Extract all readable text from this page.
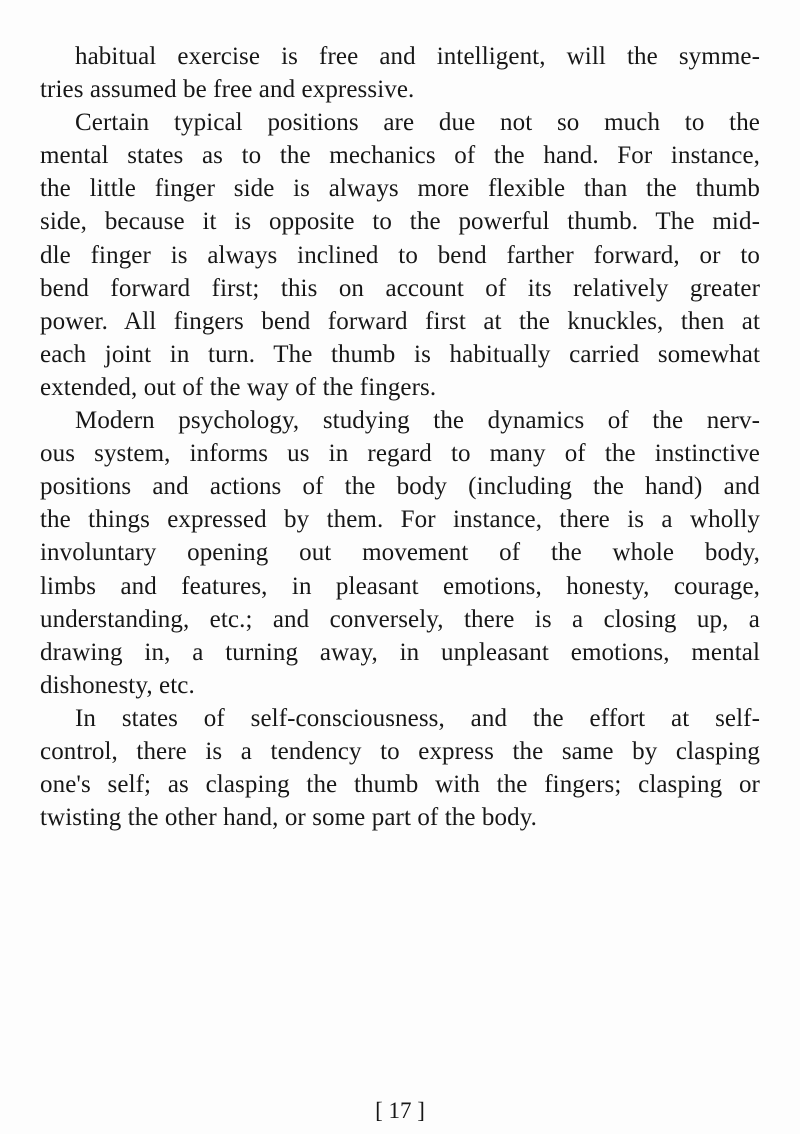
habitual exercise is free and intelligent, will the symme-
tries assumed be free and expressive.
Certain typical positions are due not so much to the
mental states as to the mechanics of the hand. For instance,
the little finger side is always more flexible than the thumb
side, because it is opposite to the powerful thumb. The mid-
dle finger is always inclined to bend farther forward, or to
bend forward first; this on account of its relatively greater
power. All fingers bend forward first at the knuckles, then at
each joint in turn. The thumb is habitually carried somewhat
extended, out of the way of the fingers.
Modern psychology, studying the dynamics of the nerv-
ous system, informs us in regard to many of the instinctive
positions and actions of the body (including the hand) and
the things expressed by them. For instance, there is a wholly
involuntary opening out movement of the whole body,
limbs and features, in pleasant emotions, honesty, courage,
understanding, etc.; and conversely, there is a closing up, a
drawing in, a turning away, in unpleasant emotions, mental
dishonesty, etc.
In states of self-consciousness, and the effort at self-
control, there is a tendency to express the same by clasping
one's self; as clasping the thumb with the fingers; clasping or
twisting the other hand, or some part of the body.
[ 17 ]
